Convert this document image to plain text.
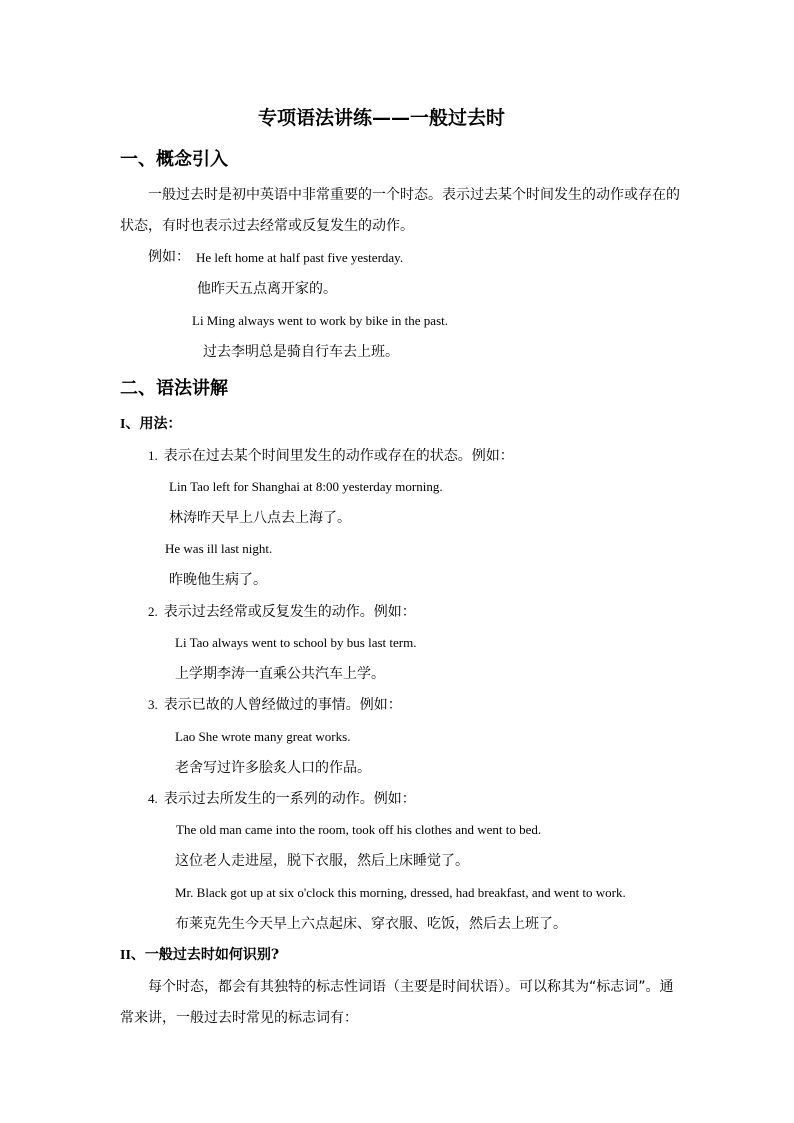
专项语法讲练——一般过去时
一、概念引入
一般过去时是初中英语中非常重要的一个时态。表示过去某个时间发生的动作或存在的
状态，有时也表示过去经常或反复发生的动作。
例如： He left home at half past five yesterday.
他昨天五点离开家的。
Li Ming always went to work by bike in the past.
过去李明总是骑自行车去上班。
二、语法讲解
I、用法：
1. 表示在过去某个时间里发生的动作或存在的状态。例如：
Lin Tao left for Shanghai at 8:00 yesterday morning.
林涛昨天早上八点去上海了。
He was ill last night.
昨晚他生病了。
2. 表示过去经常或反复发生的动作。例如：
Li Tao always went to school by bus last term.
上学期李涛一直乘公共汽车上学。
3. 表示已故的人曾经做过的事情。例如：
Lao She wrote many great works.
老舍写过许多脍炙人口的作品。
4. 表示过去所发生的一系列的动作。例如：
The old man came into the room, took off his clothes and went to bed.
这位老人走进屋，脱下衣服，然后上床睡觉了。
Mr. Black got up at six o'clock this morning, dressed, had breakfast, and went to work.
布莱克先生今天早上六点起床、穿衣服、吃饭，然后去上班了。
II、一般过去时如何识别?
每个时态，都会有其独特的标志性词语（主要是时间状语）。可以称其为“标志词”。通
常来讲，一般过去时常见的标志词有：
